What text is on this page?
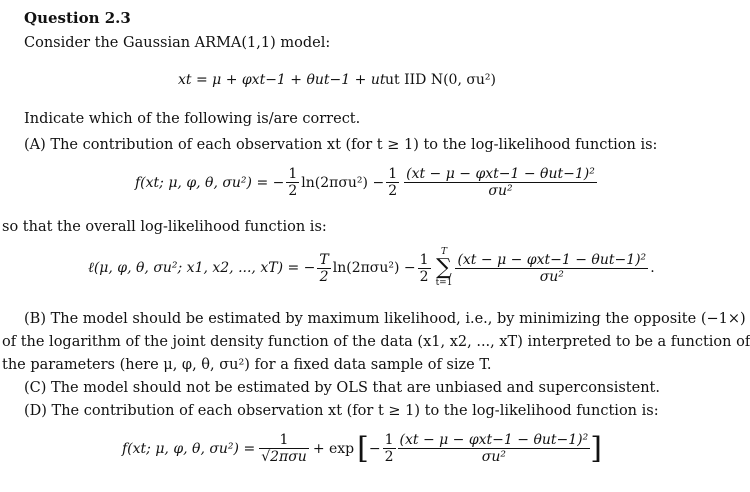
Question 2.3
Consider the Gaussian ARMA(1,1) model:
xt = μ + φxt−1 + θut−1 + ut ut IID N(0, σu²)
Indicate which of the following is/are correct.
(A) The contribution of each observation xt (for t ≥ 1) to the log-likelihood function is:
f(xt; μ, φ, θ, σu²) = − $\frac{1}{2} \ln(2\pi\sigma u^2) - \frac{1}{2} \frac{\text{(xt − μ − φxt−1 − θut−1)²}}{\text{σu²}}$
so that the overall log-likelihood function is:
ℓ(μ, φ, θ, σu²; x1, x2, ..., xT) = − $\frac{T}{2} \ln(2\pi\sigma u^2) - \frac{1}{2}$ T
∑
$t=1 \frac{\text{(xt − μ − φxt−1 − θut−1)²}}{\text{σu²}}$ .
(B) The model should be estimated by maximum likelihood, i.e., by minimizing the opposite (−1×)
of the logarithm of the joint density function of the data (x1, x2, ..., xT) interpreted to be a function of
the parameters (here μ, φ, θ, σu²) for a fixed data sample of size T.
(C) The model should not be estimated by OLS that are unbiased and superconsistent.
(D) The contribution of each observation xt (for t ≥ 1) to the log-likelihood function is:
f(xt; μ, φ, θ, $\sigma u^2) = \frac{1}{\text{√2πσu}} + \exp$ [ − $\frac{1}{2} \frac{\text{(xt − μ − φxt−1 − θut−1)²}}{\text{σu²}}$ ]
